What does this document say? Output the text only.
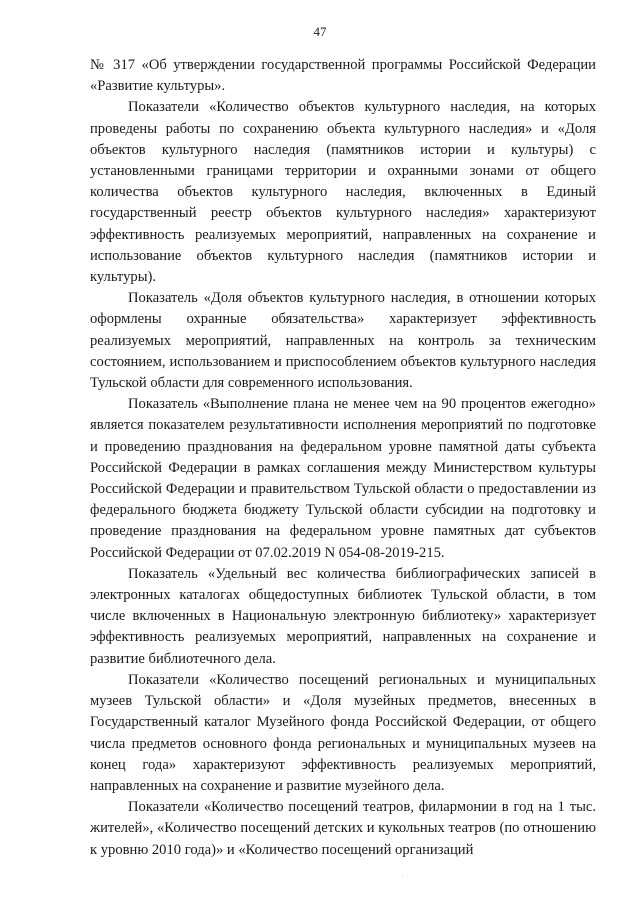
47

№ 317 «Об утверждении государственной программы Российской Федерации «Развитие культуры».

Показатели «Количество объектов культурного наследия, на которых проведены работы по сохранению объекта культурного наследия» и «Доля объектов культурного наследия (памятников истории и культуры) с установленными границами территории и охранными зонами от общего количества объектов культурного наследия, включенных в Единый государственный реестр объектов культурного наследия» характеризуют эффективность реализуемых мероприятий, направленных на сохранение и использование объектов культурного наследия (памятников истории и культуры).

Показатель «Доля объектов культурного наследия, в отношении которых оформлены охранные обязательства» характеризует эффективность реализуемых мероприятий, направленных на контроль за техническим состоянием, использованием и приспособлением объектов культурного наследия Тульской области для современного использования.

Показатель «Выполнение плана не менее чем на 90 процентов ежегодно» является показателем результативности исполнения мероприятий по подготовке и проведению празднования на федеральном уровне памятной даты субъекта Российской Федерации в рамках соглашения между Министерством культуры Российской Федерации и правительством Тульской области о предоставлении из федерального бюджета бюджету Тульской области субсидии на подготовку и проведение празднования на федеральном уровне памятных дат субъектов Российской Федерации от 07.02.2019 N 054-08-2019-215.

Показатель «Удельный вес количества библиографических записей в электронных каталогах общедоступных библиотек Тульской области, в том числе включенных в Национальную электронную библиотеку» характеризует эффективность реализуемых мероприятий, направленных на сохранение и развитие библиотечного дела.

Показатели «Количество посещений региональных и муниципальных музеев Тульской области» и «Доля музейных предметов, внесенных в Государственный каталог Музейного фонда Российской Федерации, от общего числа предметов основного фонда региональных и муниципальных музеев на конец года» характеризуют эффективность реализуемых мероприятий, направленных на сохранение и развитие музейного дела.

Показатели «Количество посещений театров, филармонии в год на 1 тыс. жителей», «Количество посещений детских и кукольных театров (по отношению к уровню 2010 года)» и «Количество посещений организаций

. . .
